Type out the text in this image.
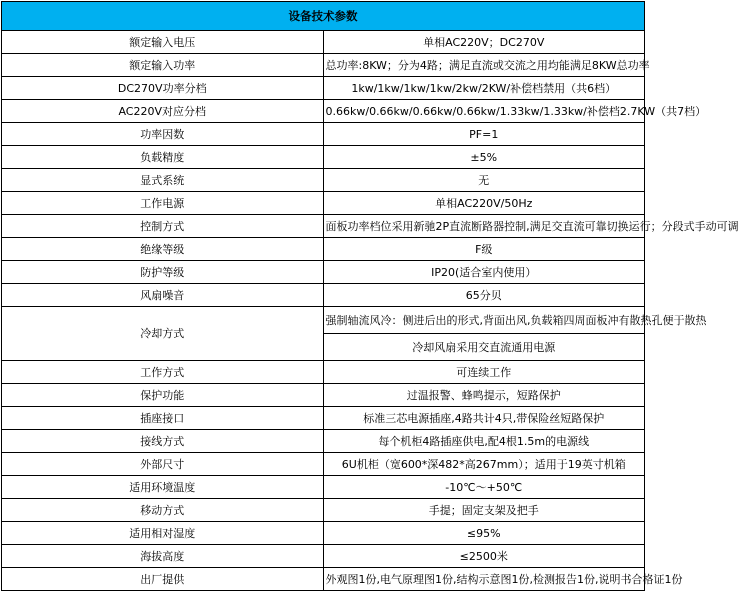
设备技术参数	
额定输入电压	单相AC220V；DC270V
额定输入功率	总功率:8KW；分为4路；满足直流或交流之用均能满足8KW总功率
DC270V功率分档	1kw/1kw/1kw/1kw/2kw/2KW/补偿档禁用（共6档）
AC220V对应分档	0.66kw/0.66kw/0.66kw/0.66kw/1.33kw/1.33kw/补偿档2.7KW（共7档）
功率因数	PF=1
负载精度	±5%
显式系统	无
工作电源	单相AC220V/50Hz
控制方式	面板功率档位采用新驰2P直流断路器控制,满足交直流可靠切换运行；分段式手动可调
绝缘等级	F级
防护等级	IP20(适合室内使用）
风扇噪音	65分贝
冷却方式	强制轴流风冷：侧进后出的形式,背面出风,负载箱四周面板冲有散热孔便于散热
	冷却风扇采用交直流通用电源
工作方式	可连续工作
保护功能	过温报警、蜂鸣提示，短路保护
插座接口	标准三芯电源插座,4路共计4只,带保险丝短路保护
接线方式	每个机柜4路插座供电,配4根1.5m的电源线
外部尺寸	6U机柜（宽600*深482*高267mm）；适用于19英寸机箱
适用环境温度	-10℃～+50℃
移动方式	手提；固定支架及把手
适用相对湿度	≤95%
海拔高度	≤2500米
出厂提供	外观图1份,电气原理图1份,结构示意图1份,检测报告1份,说明书合格证1份
